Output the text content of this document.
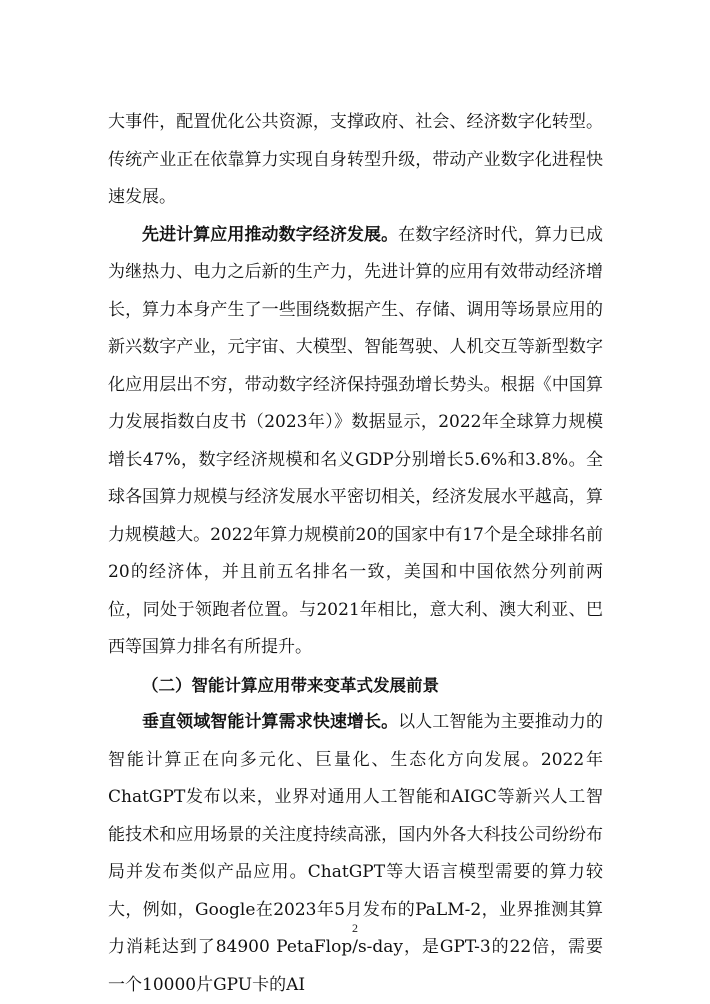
大事件，配置优化公共资源，支撑政府、社会、经济数字化转型。传统产业正在依靠算力实现自身转型升级，带动产业数字化进程快速发展。

先进计算应用推动数字经济发展。在数字经济时代，算力已成为继热力、电力之后新的生产力，先进计算的应用有效带动经济增长，算力本身产生了一些围绕数据产生、存储、调用等场景应用的新兴数字产业，元宇宙、大模型、智能驾驶、人机交互等新型数字化应用层出不穷，带动数字经济保持强劲增长势头。根据《中国算力发展指数白皮书（2023年）》数据显示，2022年全球算力规模增长47%，数字经济规模和名义GDP分别增长5.6%和3.8%。全球各国算力规模与经济发展水平密切相关，经济发展水平越高，算力规模越大。2022年算力规模前20的国家中有17个是全球排名前20的经济体，并且前五名排名一致，美国和中国依然分列前两位，同处于领跑者位置。与2021年相比，意大利、澳大利亚、巴西等国算力排名有所提升。

（二）智能计算应用带来变革式发展前景

垂直领域智能计算需求快速增长。以人工智能为主要推动力的智能计算正在向多元化、巨量化、生态化方向发展。2022年ChatGPT发布以来，业界对通用人工智能和AIGC等新兴人工智能技术和应用场景的关注度持续高涨，国内外各大科技公司纷纷布局并发布类似产品应用。ChatGPT等大语言模型需要的算力较大，例如，Google在2023年5月发布的PaLM-2，业界推测其算力消耗达到了84900 PetaFlop/s-day，是GPT-3的22倍，需要一个10000片GPU卡的AI

2
